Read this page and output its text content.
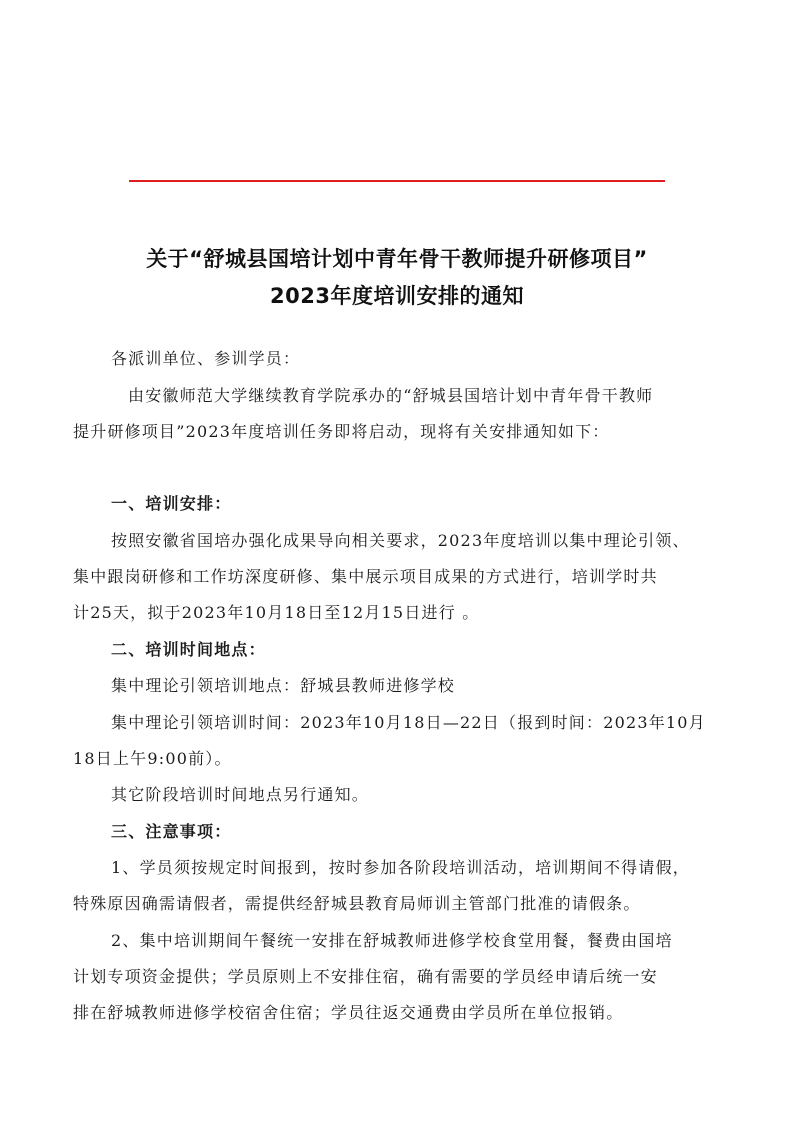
关于“舒城县国培计划中青年骨干教师提升研修项目”
2023年度培训安排的通知
各派训单位、参训学员：
由安徽师范大学继续教育学院承办的“舒城县国培计划中青年骨干教师
提升研修项目”2023年度培训任务即将启动，现将有关安排通知如下：
一、培训安排：
按照安徽省国培办强化成果导向相关要求，2023年度培训以集中理论引领、
集中跟岗研修和工作坊深度研修、集中展示项目成果的方式进行，培训学时共
计25天，拟于2023年10月18日至12月15日进行 。
二、培训时间地点：
集中理论引领培训地点：舒城县教师进修学校
集中理论引领培训时间：2023年10月18日—22日（报到时间：2023年10月
18日上午9:00前）。
其它阶段培训时间地点另行通知。
三、注意事项：
1、学员须按规定时间报到，按时参加各阶段培训活动，培训期间不得请假，
特殊原因确需请假者，需提供经舒城县教育局师训主管部门批准的请假条。
2、集中培训期间午餐统一安排在舒城教师进修学校食堂用餐，餐费由国培
计划专项资金提供；学员原则上不安排住宿，确有需要的学员经申请后统一安
排在舒城教师进修学校宿舍住宿；学员往返交通费由学员所在单位报销。
